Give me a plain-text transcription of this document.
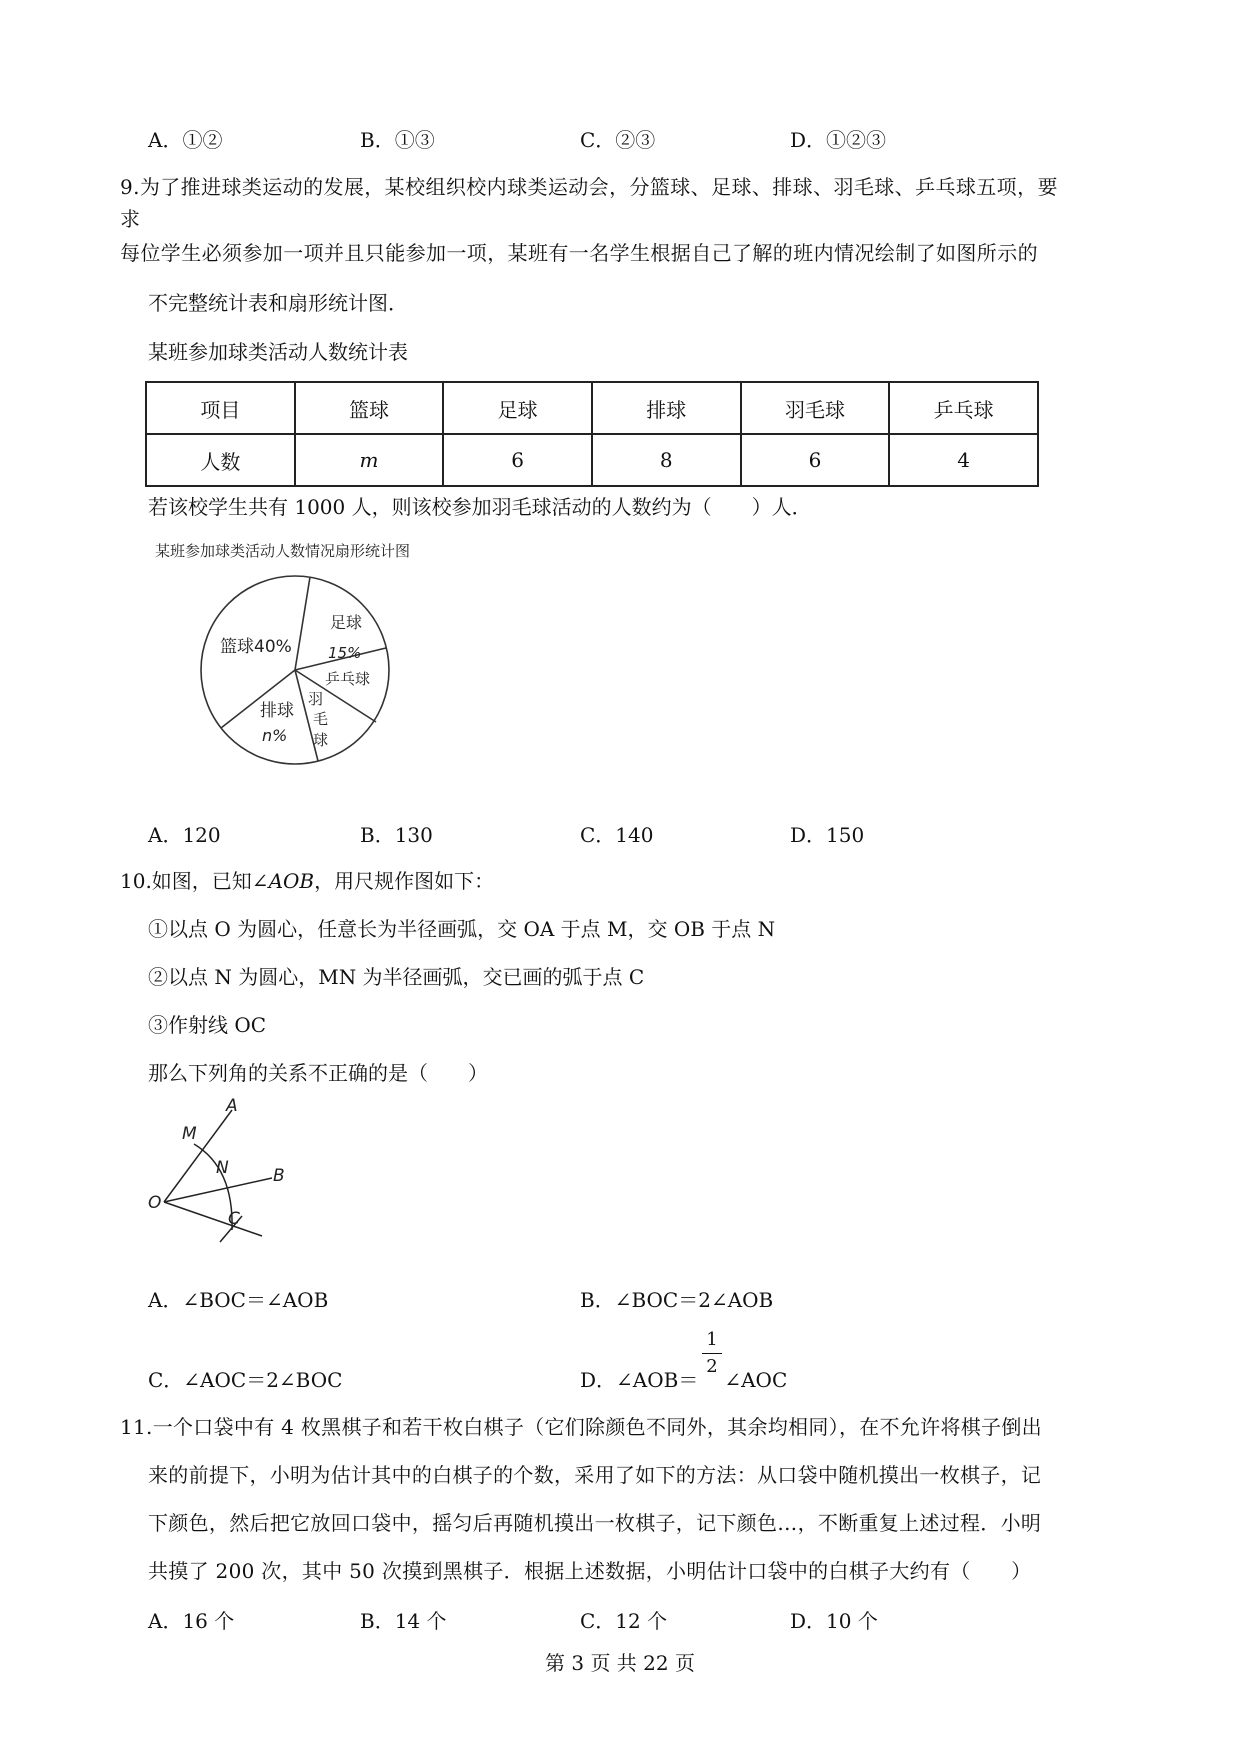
A．①②	B．①③	C．②③	D．①②③
9.为了推进球类运动的发展，某校组织校内球类运动会，分篮球、足球、排球、羽毛球、乒乓球五项，要
求
每位学生必须参加一项并且只能参加一项，某班有一名学生根据自己了解的班内情况绘制了如图所示的
不完整统计表和扇形统计图．
某班参加球类活动人数统计表
项目	篮球	足球	排球	羽毛球	乒乓球
人数	m	6	8	6	4
若该校学生共有 1000 人，则该校参加羽毛球活动的人数约为（　　）人．
某班参加球类活动人数情况扇形统计图
篮球40%
足球
15%
乒乓球
羽
毛
球
排球
n%
A．120	B．130	C．140	D．150
10.如图，已知∠AOB，用尺规作图如下：
①以点 O 为圆心，任意长为半径画弧，交 OA 于点 M，交 OB 于点 N
②以点 N 为圆心，MN 为半径画弧，交已画的弧于点 C
③作射线 OC
那么下列角的关系不正确的是（　　）
A
M
N	B
O
C
A．∠BOC＝∠AOB	B．∠BOC＝2∠AOB
C．∠AOC＝2∠BOC	D．∠AOB＝ ∠AOC
1
2
11.一个口袋中有 4 枚黑棋子和若干枚白棋子（它们除颜色不同外，其余均相同），在不允许将棋子倒出
来的前提下，小明为估计其中的白棋子的个数，采用了如下的方法：从口袋中随机摸出一枚棋子，记
下颜色，然后把它放回口袋中，摇匀后再随机摸出一枚棋子，记下颜色…，不断重复上述过程．小明
共摸了 200 次，其中 50 次摸到黑棋子．根据上述数据，小明估计口袋中的白棋子大约有（　　）
A．16 个	B．14 个	C．12 个	D．10 个
第 3 页 共 22 页
